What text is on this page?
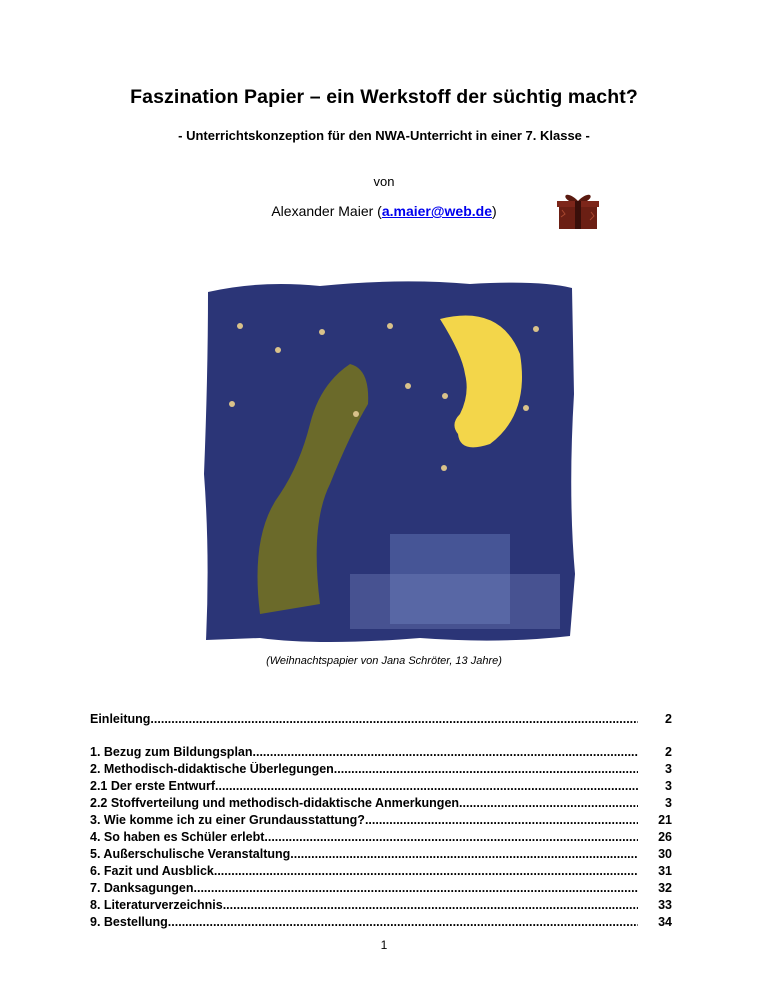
Faszination Papier – ein Werkstoff der süchtig macht?
- Unterrichtskonzeption für den NWA-Unterricht in einer 7. Klasse -
von
Alexander Maier (a.maier@web.de)
(Weihnachtspapier von Jana Schröter, 13 Jahre)
Einleitung .....	2
1. Bezug zum Bildungsplan .....	2
2. Methodisch-didaktische Überlegungen .....	3
2.1 Der erste Entwurf .....	3
2.2 Stoffverteilung und methodisch-didaktische Anmerkungen .....	3
3. Wie komme ich zu einer Grundausstattung? .....	21
4. So haben es Schüler erlebt .....	26
5. Außerschulische Veranstaltung .....	30
6. Fazit und Ausblick .....	31
7. Danksagungen .....	32
8. Literaturverzeichnis .....	33
9. Bestellung .....	34
1
